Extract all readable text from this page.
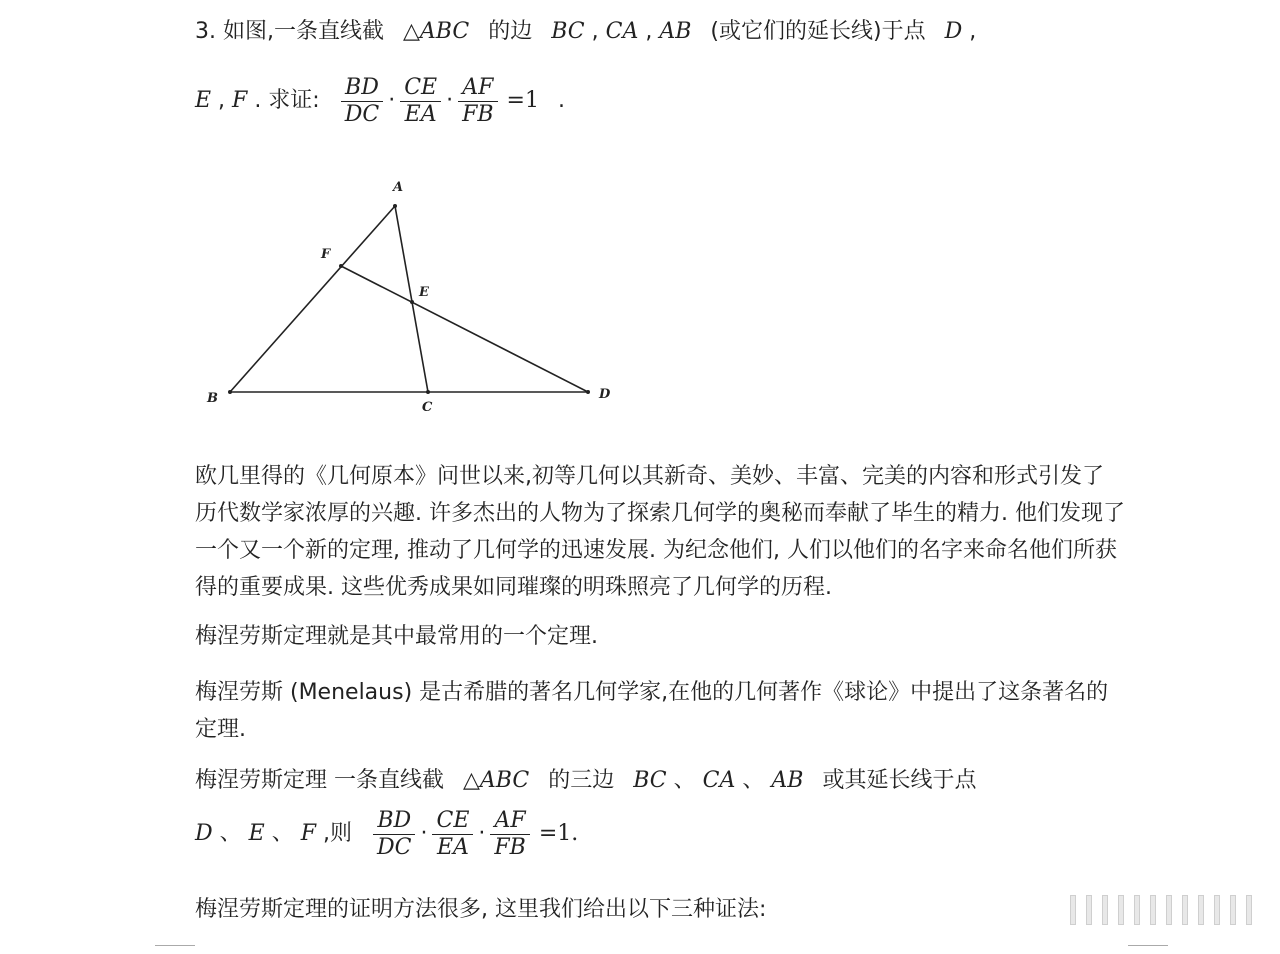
3. 如图,一条直线截 △ABC 的边 BC , CA , AB (或它们的延长线)于点 D ,
E , F . 求证: $\frac{BD}{DC} \cdot \frac{CE}{EA} \cdot \frac{AF}{FB} =1$ .
A
B
C
D
E
F
欧几里得的《几何原本》问世以来,初等几何以其新奇、美妙、丰富、完美的内容和形式引发了历代数学家浓厚的兴趣. 许多杰出的人物为了探索几何学的奥秘而奉献了毕生的精力. 他们发现了一个又一个新的定理, 推动了几何学的迅速发展. 为纪念他们, 人们以他们的名字来命名他们所获得的重要成果. 这些优秀成果如同璀璨的明珠照亮了几何学的历程.
梅涅劳斯定理就是其中最常用的一个定理.
梅涅劳斯 (Menelaus) 是古希腊的著名几何学家,在他的几何著作《球论》中提出了这条著名的定理.
梅涅劳斯定理 一条直线截 △ABC 的三边 BC 、 CA 、 AB 或其延长线于点
D 、 E 、 F ,则 $\frac{BD}{DC} \cdot \frac{CE}{EA} \cdot \frac{AF}{FB} =1$.
梅涅劳斯定理的证明方法很多, 这里我们给出以下三种证法:
